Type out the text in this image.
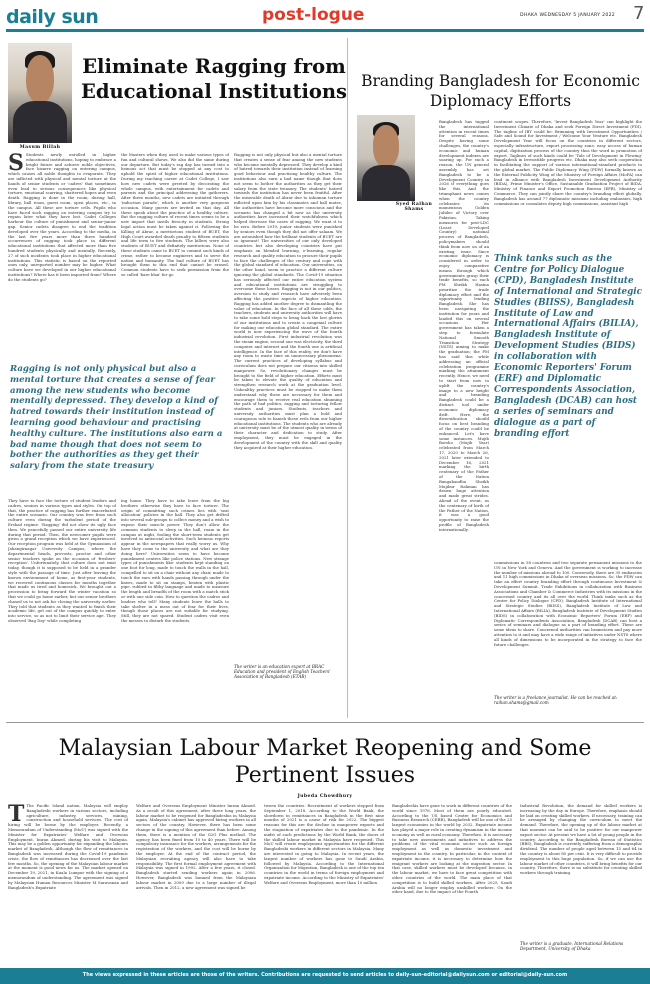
daily sun	post-logue	DHAKA WEDNESDAY 5 JANUARY 2022 7
Masum Billah
Eliminate Ragging from Educational Institutions
S Students newly enrolled in higher educational institutions, hoping to embrace a bright future and achieve noble objectives, face bizarre ragging on entering campus, which causes all noble thoughts to evaporate. They are inflicted with physical and mental torture at the hands of senior students or 'cadres' that sometimes even lead to serious consequences like physical torture, emotional scarring, shattered hopes and even death. Ragging is done in the room, during hall, library, hall room, guest room, open places, etc., in the campus. All these are torture cells. Pupils who have faced such ragging on entering campus try to regain later what they have lost. Cadet Colleges harbour the culture of punishment and senior-junior gap. Senior cadets disagree to end the tradition developed over the years. According to the media, in the last five years more than three hundred occurrences of ragging took place in different educational institutions that affected more than five hundred students physically and mentally. Recently, 27 of such incidents took place in higher educational institutions. This statistic is based on the reported ones only, unreported number may be higher. What culture have we developed in our higher educational institutions? Where has it been imported from? Where do the students go?
the Masters when they used to make various types of fun and cultural shows. We also did the same during our departure. But today's rag day has turned into a heinous act that must be stopped at any cost to uphold the spirit of higher educational institutions. During my teaching career at Cadet College, I saw how new cadets were greeted by decorating the whole campus, with entertainment for cadets and parents and the principal addressing the gatherers. After three months, new cadets are initiated through 'induction parade', which is another very gorgeous occasion. Many guests are invited on that day. All these speak about the practice of a healthy culture. But the ragging culture of recent times seems to be a new import that instils ferocity in students. Strong legal action must be taken against it. Following the Killing of Abrar, a meritorious student of BUET, the High Court awarded death penalty to fifteen students and life term to five students. The killers were also students of BUET and definitely meritorious. None of these students came to BUET to commit such kinds of crime, rather to become engineers and to serve the nation and humanity. The bad culture of BUET has brought them to this end that cannot be erased. Common students have to seek permission from the so called 'bare bhai' for go
Ragging is not only physical but also a mental torture that creates a sense of fear among the new students who become mentally depressed. They develop a kind of hatred towards their institution instead of learning good behaviour and practising healthy culture. The institutions also earn a bad name though that does not seem to bother the authorities as they get their salary from the state treasury. The students' hatred towards the institution has never been fruitful. After the miserable death of Abrar due to inhuman torture inflicted upon him by his classmates and hall mates, the authorities have become more conscious and the scenario has changed a bit now as the university authorities have increased their watchfulness which helped decrease the cases of ragging. We want it to be zero. Before 2019, junior students were punished by seniors even though they did not offer salaam. We are astonished how the brilliant students of BUET are so ignorant! The universities of our only developed countries but also developing countries have put emphasis on blended learning, e-learning, regular research and quality education to procure their pupils to face the challenges of the century and cope with the global standard of education. Our universities, on the other hand, seem to practice a different culture ignoring the global standards. The Covid-19 situation has seriously affected our entire education system and educational institutions are struggling to overcome these losses. Ragging is not in our politics, aversion to study and research have adversely been affecting the positive aspects of higher education. Ragging has added another degree to dismantling the value of education. In the face of all these odds, the teachers, students and university authorities will have to take some bold steps to bring back the lost glories of our institutions and to create a congenial culture for making our education global standard. The entire world is now experiencing the wave of the fourth industrial revolution. First industrial revolution was the steam engine, second one was electricity, the third computer and internet and the fourth one is artificial intelligence. In the face of this reality, we don't have any room to waste time on unnecessary phenomena. The current practices of developing syllabus and curriculum does not prepare our citizens into skilled manpower. So, revolutionary changes must be brought to the field of higher education. Efforts must be taken to elevate the quality of education and strengthen research work at the graduation level. Unhealthy practices must be stopped to make them understand why these are necessary for them and encourage them to receive real education shunning the path of bad politics, ragging and torturing fellow students and juniors. Students, teachers and university authorities must plan a bold and courageous role to banish these evils from our higher educational institutions. The students who are already at university must be of the utmost quality in terms of their character and dedication to study. After employment, they must be engaged in the development of the country with the skill and quality they acquired at their higher education.
Ragging is not only physical but also a mental torture that creates a sense of fear among the new students who become mentally depressed. They develop a kind of hatred towards their institution instead of learning good behaviour and practising healthy culture. The institutions also earn a bad name though that does not seem to bother the authorities as they get their salary from the state treasury
They have to face the torture of student leaders and cadres, seniors in various types and styles. On top of that, the practice of ragging has further exacerbated the entire scenario. Our country was free from such culture even during the turbulent period of the Ershad regime. 'Ragging' did not show its ugly face then. We peacefully passed our entire university life during that period. Then, the newcomer pupils were given a grand reception which we have experienced. Our reception program was held at the Gymnasium of Jahangirnagar University Campus, where the departmental heads, provosts, proctor and other senior teachers spoke on the occasion of 'freshers' reception'. Unfortunately, that culture does not exist today, though it is supposed to be held in a grander style with the passage of time. Just after leaving the known environment of home, as first-year students, we received continuous classes for months together that made us tired and homesick. We brought out a procession to bring forward the winter vacation so that we could go home earlier, but our senior brothers chased us to not ask for closing the university earlier. They told that students as they wanted to finish their academic life, get out of the campus quickly to enter into service, so as not to limit their service age. They observed 'Bag Day' while completing
ing home. They have to take leave from the big brothers otherwise they have to face torture. The origin of committing such crimes lies with 'seat allocation' policies in the hall. They also get drifted into several sub-groups to collect money and a wish to expose their muscle power. They don't allow the common students to sleep in the hall, roam in the campus at night, fooling the short-term students get involved in antisocial activities. Such heinous reports appear in the newspapers that really worry us. Why have they come to the university and what are they doing here? Universities seem to have become punishment centres like police stations. New strange types of punishments like- students kept standing on one foot for long, made to touch the walls in the hall, compelled to sit on a chair without any chair, made to touch the ears with hands passing through under the knees, made to sit on stamps, beaten with plastic pipe, rubbed in filthy language and made to measure the length and breadth of the room with a match stick or with one side coin. How to question the cadres and leaders who tell? Many students leave the halls to take shelter in a mess out of fear for their lives, though those places are not suitable for studying. Still, they are not spared. Student cadres visit even the messes to disturb the students.
The writer is an education expert at BRAC Education and president of English Teachers' Association of Bangladesh (ETAB)
Branding Bangladesh for Economic Diplomacy Efforts
Syed Raihan Shams
Bangladesh has tagged the international attention in recent times for several reasons. Despite having some challenges, the country's economic and human development indexes are soaring up. For such a reason, the UN general assembly has set Bangladesh to be a Development Country in 2026 if everything goes like this. And the triumphant news comes when the country celebrates its momentous Golden Jubilee of Victory over Pakistan. Taking measures for post-LDC (Least Developed Country) national process of Bangladesh, policymakers should think from now on of an existing issue. Since economic diplomacy is considered in order to enjoy comparative means through which governments grasp their trade benefits, so each PM Sheikh Hasina prioritize the trade diplomacy effort and the opportunity lending Bangladesh. She has been navigating the institution for years and lauded this on several occasions. Her government has taken a step to formulate National Smooth Transition Strategy (NSTS) aiming to make the graduation; the PM has said this while addressing an official celebration programme marking the attainment recently. Hence, we need to start from now to uplift the country's image to a new height and branding Bangladesh could be a distinct tool under economic diplomacy drift. Here, the diversification should focus on best branding of the country could be enhanced. Let's have some instances. Mujib Borsho (Mujib Year) celebrated from March 17, 2020 to March 26, 2021 later extended to December 16, 2021 marking the birth centenary of the Father of the Nation Bangabandhu Sheikh Mujibur Rahman has drawn huge attention and made great strides. Ahead of the event, as the centenary of birth of the Father of the Nation, it was a good opportunity to raise the profile of Bangladesh internationally.
continent scopes. Therefore, 'Invest Bangladesh Year' can highlight the Investment Climate of Dhaka and seek Foreign Direct Investment (FDI). The tagline of IBY could be: Brimming with Investment Opportunities / Safe and Sound for Investment / Welcome Your Venture etc. Bangladesh Development Year will focus on the countries in different sectors, especially infrastructure, export processing zone, easy access of human capital, digitization process of the country thus the word in promotion of export. Taglines of such kinds could be 'Tale of Development in Flowing' Bangladesh in Irresistible progress etc. Dhaka may also seek cooperation in facilitating the support of various international-standard products to the global market. The Public Diplomacy Wing (PDW) formally known as the External Publicity Wing of the Ministry of Foreign Affairs (MoFA) can lead in alliance with Bangladesh Investment Development Authority (BIDA), Prime Minister's Office, Sustainable Graduation Project of BIDA, Ministry of Finance and Export Promotion Bureau (EPB), Ministry of Commerce. They can jointly share the country's branding effort globally. Bangladesh has around 77 diplomatic missions including embassies, high commissions or consulates deputy high commissions, assistant high
Think tanks such as the Centre for Policy Dialogue (CPD), Bangladesh Institute of International and Strategic Studies (BIISS), Bangladesh Institute of Law and International Affairs (BILIA), Bangladesh Institute of Development Studies (BIDS) in collaboration with Economic Reporters' Forum (ERF) and Diplomatic Correspondents Association, Bangladesh (DCAB) can host a series of seminars and dialogue as a part of branding effort
commissions in 58 countries and two separate permanent missions to the UN in New York and Geneva. And the government is working to increase the number of missions abroad to 100. Conversely, there are 35 embassies and 11 high commissions in Dhaka of overseas missions. So, the PDW can take an effort country branding effort through continuous Investment & Development Summit. Trade Exhibitions in collaboration with Business Associations and Chamber & Commerce Industries with its missions in the concerned country and its all over the world. Think tanks such as the Centre for Policy Dialogue (CPD), Bangladesh Institute of International and Strategic Studies (BIISS), Bangladesh Institute of Law and International Affairs (BILIA), Bangladesh Institute of Development Studies (BIDS) in collaboration with Economic Reporters' Forum (ERF) and Diplomatic Correspondents Association, Bangladesh (DCAB) can host a series of seminars and dialogue as a part of branding effort. These are some ideas to share. Concerned authorities can brainstorm and pay more attention to it and may have a wide range of initiatives under NSTS where all kinds of dimensions to be incorporated in the strategy to face the future challenges.
The writer is a freelance journalist. He can be reached at: raihan.shams@gmail.com
Malaysian Labour Market Reopening and Some Pertinent Issues
Jubeda Chowdhury
T The Pacific Island nation, Malaysia will employ Bangladeshi workers in various sectors, including agriculture, industry, services, mining, construction and household services. The cost of hiring will be borne by the employer. Recently, a Memorandum of Understanding (MoU) was signed with the Minister for Expatriates' Welfare and Overseas Employment, Imran Ahmed, during his visit to Malaysia. This may be a golden opportunity for expanding the labours market of Bangladesh. Although the flow of remittances in Bangladesh was increased during the Covid-19 pandemic crisis, the flow of remittances has decreased over the last few months. So, the opening of the Malaysian labour market at the moment is good news for us. The market opened on December 19, 2021, in Kuala Lumpur with the signing of a memorandum of understanding. The agreement was signed by Malaysian Human Resources Minister M Saravanan and Bangladesh's Expatriate
Welfare and Overseas Employment Minister Imran Ahmed. As a result of this agreement, after three long years, the labour market to be reopened for Bangladeshis in Malaysia again. Malaysia's cabinet has approved hiring workers in all sectors of the country. However, there has been some change in the signing of this agreement than before. Among them, there is a mention of the G2G Plus method. The agency has been fixed from 10 to 40 years. There will be compulsory insurance for the workers, arrangements for the registration of the workers, and the cost will be borne by the employer. At the end of the contract period, the Malaysian recruiting agency will also have to take responsibility. The first formal employment agreement with Malaysia was signed in 1992. After a few years, it closed. Bangladesh started sending workers again in 2006. However, Bangladesh was banned from the Malaysian labour market in 2009 due to a large number of illegal arrivals. Then in 2012, a new agreement was signed be
tween the countries. Recruitment of workers stopped from September 1, 2018. According to the World Bank, the slowdown in remittances in Bangladesh in the first nine months of 2021 is a cause of risk for 2022. The biggest reasons for this are the decline in manpower exports and the stagnation of expatriates due to the pandemic. In the midst of such predictions by the World Bank, the doors of the skilled labour market in Malaysia have reopened. This MoU will create employment opportunities for the different Bangladeshi workers in different sectors in Malaysia. Many are interested in going to Malaysia. In recent years, the largest number of workers has gone to Saudi Arabia, followed by Malaysia. According to the International Organization for Migration, Bangladesh is one of the top ten countries in the world in terms of foreign employment and expatriate income. According to the Ministry of Expatriates' Welfare and Overseas Employment, more than 10 million
Bangladeshis have gone to work in different countries of the world since 1976. Most of them are poorly educated. According to the US based Centre for Economics and Business Research (CEBR), Bangladesh will be one of the 25 largest economies in the world by 2032. Expatriate income has played a major role in creating dynamism in the income economy as well as rural economy. Therefore, it is necessary to take new assessments and initiatives to address the problems of the vital economic sector such as foreign employment as well as domestic investment and employment in the country. In particular, in the context of expatriate income, it is necessary to determine how the emigrant workers are looking at the migration sector. In that case, skilled workers must be developed because, in the labour market, we have to face great competition with other countries of the world. The main place of that competition is to build skilled workers. After 2025, Saudi Arabia will no longer employ unskilled workers. On the other hand, due to the impact of the Fourth
Industrial Revolution, the demand for skilled workers is increasing by the day in Europe. Therefore, emphasis should be laid on creating skilled workers. If necessary, training can be arranged by changing the curriculum to meet the demand. Therefore, the opening up of the labour market at that moment can be said to be positive for our manpower export sector. At present we have a lot of young people in the country. According to the Bangladesh Bureau of Statistics (BBS), Bangladesh is currently suffering from a demographic dividend. The number of people aged between 15 and 64 in the country is about 80 per cent. It is very difficult to provide employment to this huge population. So, if we can use the labour market of other countries, it will bring benefits for our country. Therefore, there is no substitute for creating skilled workers through training.
The writer is a graduate, International Relations Department, University of Dhaka
The views expressed in these articles are those of the writers. Contributions are requested to send articles to daily-sun-editorial@dailysun.com or editorial@daily-sun.com
